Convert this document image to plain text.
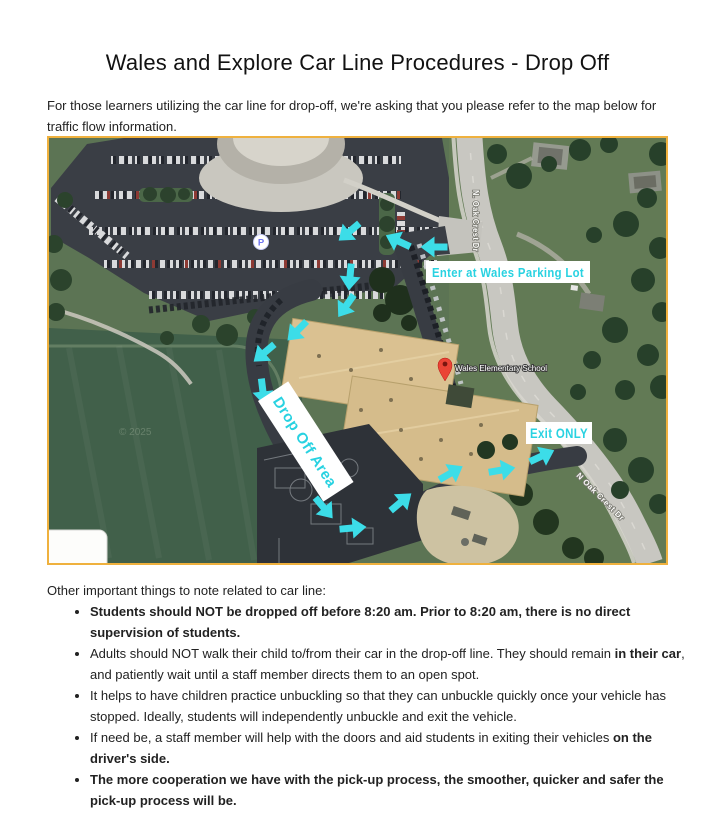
Wales and Explore Car Line Procedures - Drop Off

For those learners utilizing the car line for drop-off, we're asking that you please refer to the map below for traffic flow information.

© 2025
N. Oak Crest Dr
N Oak Crest Dr
Wales Elementary School
P
Enter at Wales Parking Lot
Exit ONLY
Drop Off Area

Other important things to note related to car line:

• Students should NOT be dropped off before 8:20 am. Prior to 8:20 am, there is no direct supervision of students.
• Adults should NOT walk their child to/from their car in the drop-off line. They should remain in their car, and patiently wait until a staff member directs them to an open spot.
• It helps to have children practice unbuckling so that they can unbuckle quickly once your vehicle has stopped. Ideally, students will independently unbuckle and exit the vehicle.
• If need be, a staff member will help with the doors and aid students in exiting their vehicles on the driver's side.
• The more cooperation we have with the pick-up process, the smoother, quicker and safer the pick-up process will be.
